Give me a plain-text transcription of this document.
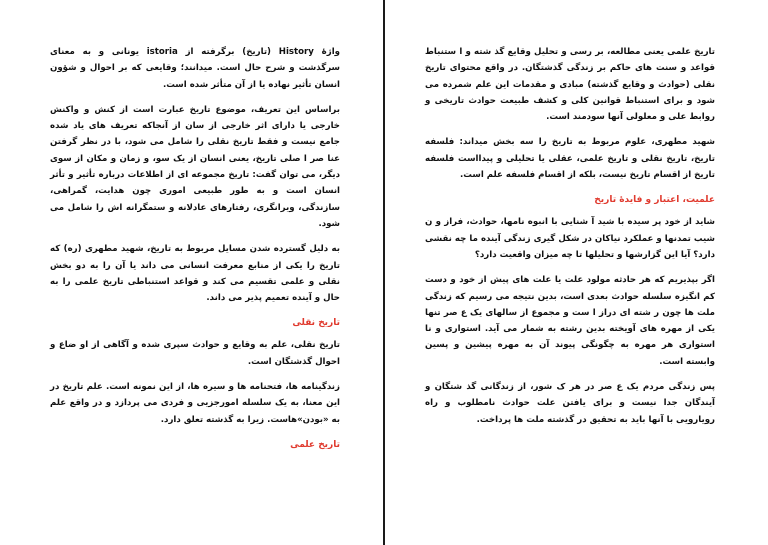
واژهٔ History (تاریخ) برگرفته از istoria یونانی و به معنای سرگذشت و شرح حال است. میدانند؛ وقایعی که بر احوال و شؤون انسان تأثیر نهاده یا از آن متأثر شده است.

براساس این تعریف، موضوع تاریخ عبارت است از کنش و واکنش خارجی یا دارای اثر خارجی از سان از آنجاکه تعریف های یاد شده جامع نیست و فقط تاریخ نقلی را شامل می شود، با در نظر گرفتن عنا صر ا صلی تاریخ، یعنی انسان از یک سو، و زمان و مکان از سوی دیگر، می توان گفت: تاریخ مجموعه ای از اطلاعات درباره تأثیر و تأثر انسان است و به طور طبیعی اموری چون هدایت، گمراهی، سازندگی، ویرانگری، رفتارهای عادلانه و ستمگرانه اش را شامل می شود.

به دلیل گسترده شدن مسایل مربوط به تاریخ، شهید مطهری (ره) که تاریخ را یکی از منابع معرفت انسانی می داند یا آن را به دو بخش نقلی و علمی تقسیم می کند و قواعد استنباطی تاریخ علمی را به حال و آینده تعمیم پذیر می داند.

تاریخ نقلی

تاریخ نقلی، علم به وقایع و حوادث سپری شده و آگاهی از او ضاع و احوال گذشتگان است.

زندگینامه ها، فتحنامه ها و سیره ها، از این نمونه است. علم تاریخ در این معنا، به یک سلسله امورجزیی و فردی می پردازد و در واقع علم به «بودن»هاست. زیرا به گذشته تعلق دارد.

تاریخ علمی

تاریخ علمی یعنی مطالعه، بر رسی و تحلیل وقایع گذ شته و ا ستنباط قواعد و سنت های حاکم بر زندگی گذشتگان. در واقع محتوای تاریخ نقلی (حوادث و وقایع گذشته) مبادی و مقدمات این علم شمرده می شود و برای استنباط قوانین کلی و کشف طبیعت حوادث تاریخی و روابط علی و معلولی آنها سودمند است.

شهید مطهری، علوم مربوط به تاریخ را سه بخش میداند: فلسفه تاریخ، تاریخ نقلی و تاریخ علمی، عقلی یا تحلیلی و پیدااست فلسفه تاریخ از اقسام تاریخ نیست، بلکه از اقسام فلسفه علم است.

علمیت، اعتبار و فایدهٔ تاریخ

شاید از خود پر سیده با شید آ شنایی با انبوه نامها، حوادث، فراز و ن شیب تمدنها و عملکرد نیاکان در شکل گیری زندگی آینده ما چه نقشی دارد؟ آیا این گزارشها و تحلیلها تا چه میزان واقعیت دارد؟

اگر بپذیریم که هر حادثه مولود علت یا علت های پیش از خود و دست کم انگیزه سلسله حوادث بعدی است، بدین نتیجه می رسیم که زندگی ملت ها چون ر شته ای دراز ا ست و مجموع از سالهای یک ع صر تنها یکی از مهره های آویخته بدین رشته به شمار می آید. استواری و نا استواری هر مهره به چگونگی پیوند آن به مهره پیشین و پسین وابسته است.

پس زندگی مردم یک ع صر در هر ک شور، از زندگانی گذ شتگان و آیندگان جدا نیست و برای یافتن علت حوادث نامطلوب و راه رویارویی با آنها باید به تحقیق در گذشته ملت ها پرداخت.
